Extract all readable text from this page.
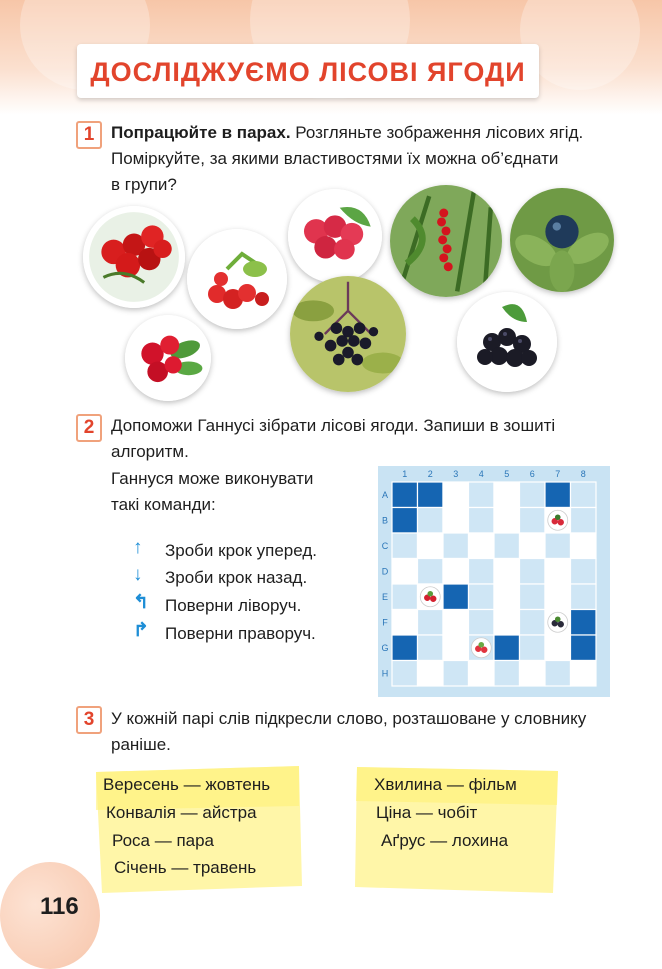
ДОСЛІДЖУЄМО ЛІСОВІ ЯГОДИ
1 Попрацюйте в парах. Розгляньте зображення лісових ягід.
Поміркуйте, за якими властивостями їх можна об’єднати
в групи?
2 Допоможи Ганнусі зібрати лісові ягоди. Запиши в зошиті
алгоритм.
Ганнуся може виконувати
такі команди:
↑ Зроби крок уперед.
↓ Зроби крок назад.
↰ Поверни ліворуч.
↱ Поверни праворуч.
1 2 3 4 5 6 7 8
A
B
C
D
E
F
G
H
3 У кожній парі слів підкресли слово, розташоване у словнику
раніше.
Вересень — жовтень
Конвалія — айстра
Роса — пара
Січень — травень
Хвилина — фільм
Ціна — чобіт
Аґрус — лохина
116
